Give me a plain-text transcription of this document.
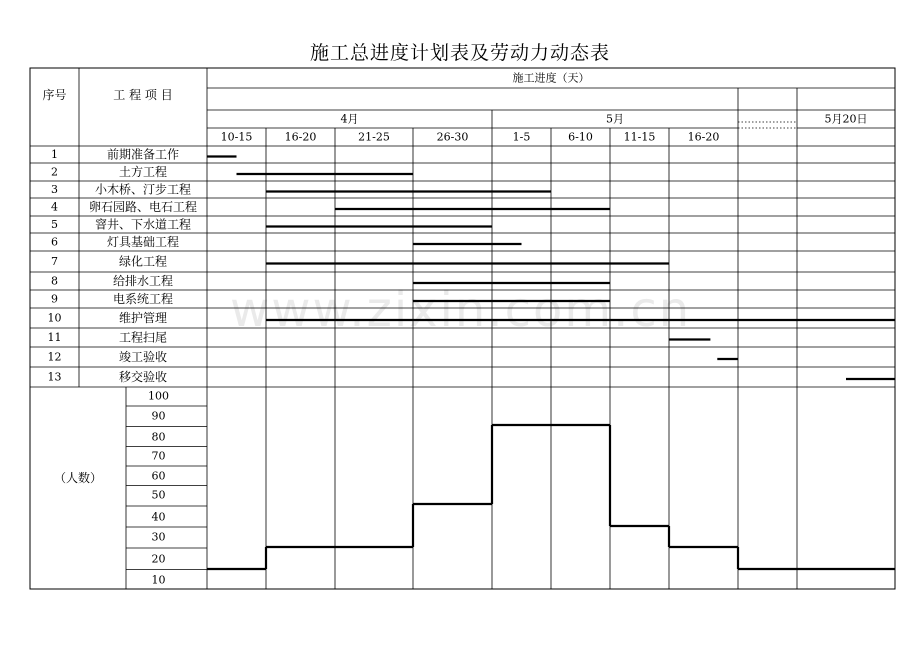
施工总进度计划表及劳动力动态表
www.zixin.com.cn
序号	工 程 项 目
施工进度（天）
4月	5月	5月20日
10-15	16-20	21-25	26-30	1-5	6-10	11-15	16-20
1	前期准备工作
2	土方工程
3	小木桥、汀步工程
4	卵石园路、电石工程
5	窨井、下水道工程
6	灯具基础工程
7	绿化工程
8	给排水工程
9	电系统工程
10	维护管理
11	工程扫尾
12	竣工验收
13	移交验收
（人数）
100
90
80
70
60
50
40
30
20
10
